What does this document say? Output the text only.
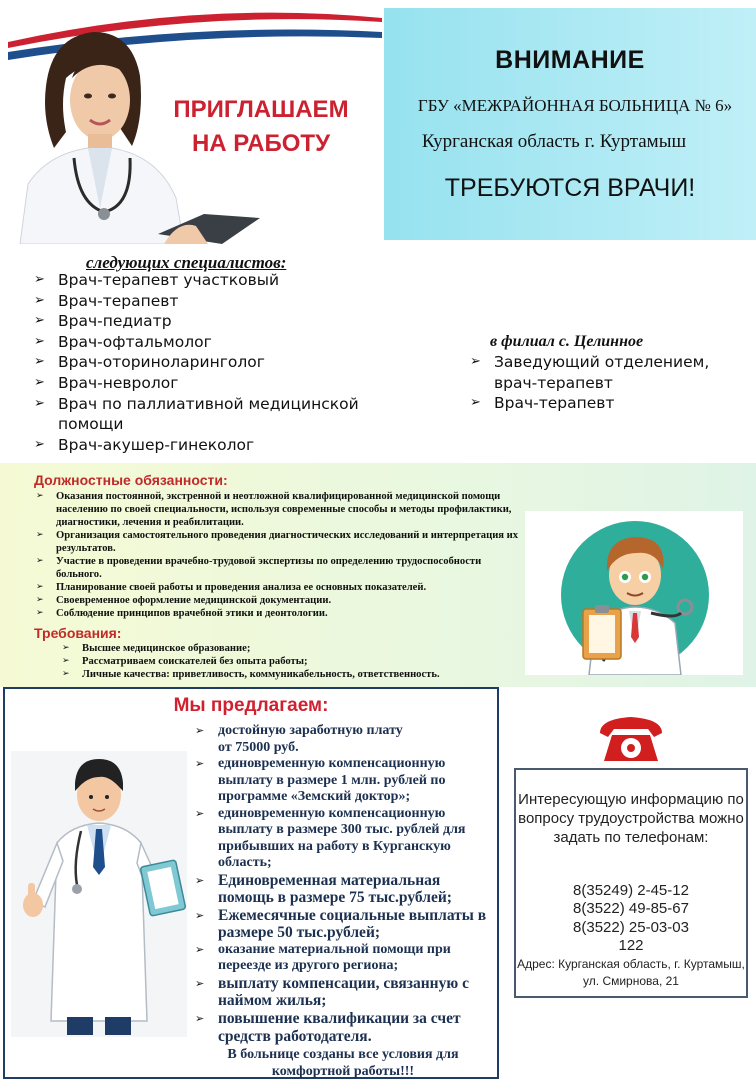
ПРИГЛАШАЕМ НА РАБОТУ
ВНИМАНИЕ
ГБУ «МЕЖРАЙОННАЯ БОЛЬНИЦА № 6»
Курганская область г. Куртамыш
ТРЕБУЮТСЯ ВРАЧИ!
следующих специалистов:
➢ Врач-терапевт участковый
➢ Врач-терапевт
➢ Врач-педиатр
➢ Врач-офтальмолог
➢ Врач-оториноларинголог
➢ Врач-невролог
➢ Врач по паллиативной медицинской помощи
➢ Врач-акушер-гинеколог
в филиал с. Целинное
➢ Заведующий отделением, врач-терапевт
➢ Врач-терапевт
Должностные обязанности:
➢ Оказания постоянной, экстренной и неотложной квалифицированной медицинской помощи населению по своей специальности, используя современные способы и методы профилактики, диагностики, лечения и реабилитации.
➢ Организация самостоятельного проведения диагностических исследований и интерпретация их результатов.
➢ Участие в проведении врачебно-трудовой экспертизы по определению трудоспособности больного.
➢ Планирование своей работы и проведения анализа ее основных показателей.
➢ Своевременное оформление медицинской документации.
➢ Соблюдение принципов врачебной этики и деонтологии.
Требования:
➢ Высшее медицинское образование;
➢ Рассматриваем соискателей без опыта работы;
➢ Личные качества: приветливость, коммуникабельность, ответственность.
Мы предлагаем:
➢ достойную заработную плату от 75000 руб.
➢ единовременную компенсационную выплату в размере 1 млн. рублей по программе «Земский доктор»;
➢ единовременную компенсационную выплату в размере 300 тыс. рублей для прибывших на работу в Курганскую область;
➢ Единовременная материальная помощь в размере 75 тыс.рублей;
➢ Ежемесячные социальные выплаты в размере 50 тыс.рублей;
➢ оказание материальной помощи при переезде из другого региона;
➢ выплату компенсации, связанную с наймом жилья;
➢ повышение квалификации за счет средств работодателя.
В больнице созданы все условия для комфортной работы!!!
Интересующую информацию по вопросу трудоустройства можно задать по телефонам:
8(35249) 2-45-12
8(3522) 49-85-67
8(3522) 25-03-03
122
Адрес: Курганская область, г. Куртамыш, ул. Смирнова, 21
